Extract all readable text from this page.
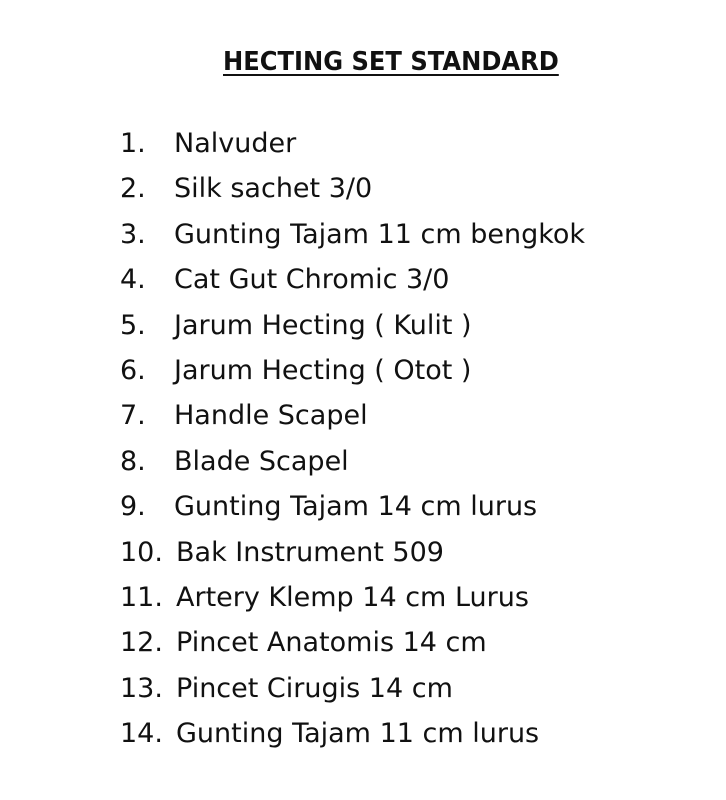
HECTING SET STANDARD
1.	Nalvuder
2.	Silk sachet 3/0
3.	Gunting Tajam 11 cm bengkok
4.	Cat Gut Chromic 3/0
5.	Jarum Hecting ( Kulit )
6.	Jarum Hecting ( Otot )
7.	Handle Scapel
8.	Blade Scapel
9.	Gunting Tajam 14 cm lurus
10. Bak Instrument 509
11. Artery Klemp 14 cm Lurus
12. Pincet Anatomis 14 cm
13. Pincet Cirugis 14 cm
14. Gunting Tajam 11 cm lurus
